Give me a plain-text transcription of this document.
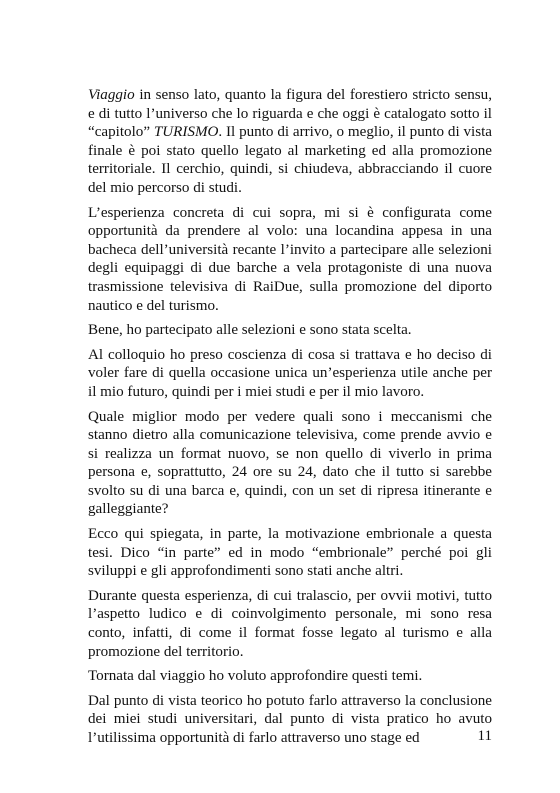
Viaggio in senso lato, quanto la figura del forestiero stricto sensu, e di tutto l’universo che lo riguarda e che oggi è catalogato sotto il “capitolo” TURISMO. Il punto di arrivo, o meglio, il punto di vista finale è poi stato quello legato al marketing ed alla promozione territoriale. Il cerchio, quindi, si chiudeva, abbracciando il cuore del mio percorso di studi.

L’esperienza concreta di cui sopra, mi si è configurata come opportunità da prendere al volo: una locandina appesa in una bacheca dell’università recante l’invito a partecipare alle selezioni degli equipaggi di due barche a vela protagoniste di una nuova trasmissione televisiva di RaiDue, sulla promozione del diporto nautico e del turismo.

Bene, ho partecipato alle selezioni e sono stata scelta.

Al colloquio ho preso coscienza di cosa si trattava e ho deciso di voler fare di quella occasione unica un’esperienza utile anche per il mio futuro, quindi per i miei studi e per il mio lavoro.

Quale miglior modo per vedere quali sono i meccanismi che stanno dietro alla comunicazione televisiva, come prende avvio e si realizza un format nuovo, se non quello di viverlo in prima persona e, soprattutto, 24 ore su 24, dato che il tutto si sarebbe svolto su di una barca e, quindi, con un set di ripresa itinerante e galleggiante?

Ecco qui spiegata, in parte, la motivazione embrionale a questa tesi. Dico “in parte” ed in modo “embrionale” perché poi gli sviluppi e gli approfondimenti sono stati anche altri.

Durante questa esperienza, di cui tralascio, per ovvii motivi, tutto l’aspetto ludico e di coinvolgimento personale, mi sono resa conto, infatti, di come il format fosse legato al turismo e alla promozione del territorio.

Tornata dal viaggio ho voluto approfondire questi temi.

Dal punto di vista teorico ho potuto farlo attraverso la conclusione dei miei studi universitari, dal punto di vista pratico ho avuto l’utilissima opportunità di farlo attraverso uno stage ed	11
